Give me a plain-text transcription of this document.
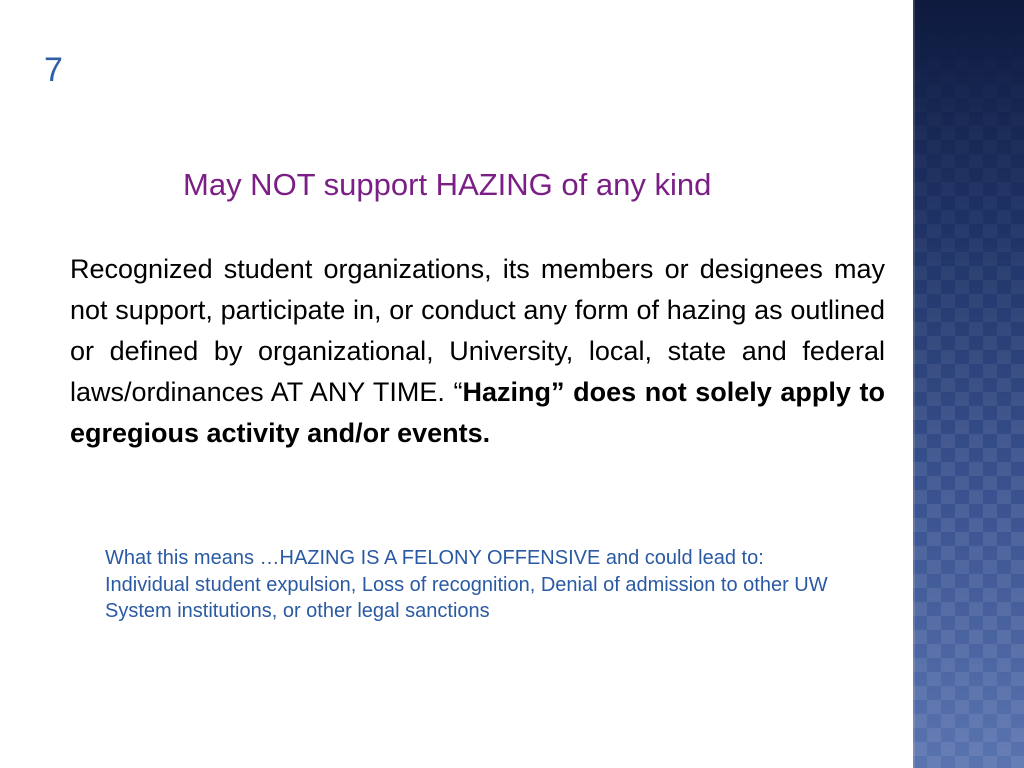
7
May NOT support HAZING of any kind
Recognized student organizations, its members or designees may not support, participate in, or conduct any form of hazing as outlined or defined by organizational, University, local, state and federal laws/ordinances AT ANY TIME. “Hazing” does not solely apply to egregious activity and/or events.

What this means …HAZING IS A FELONY OFFENSIVE and could lead to:

Individual student expulsion, Loss of recognition, Denial of admission to other UW System institutions, or other legal sanctions
